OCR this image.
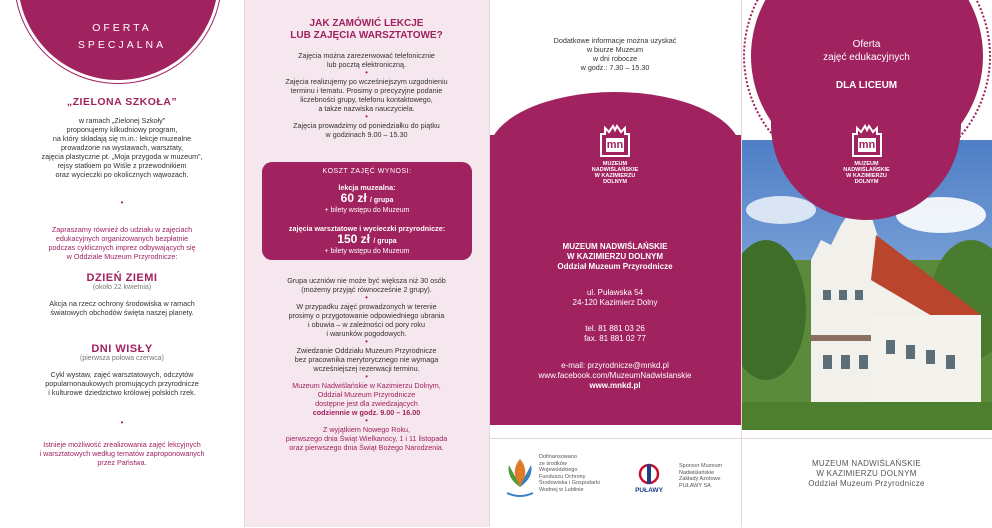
OFERTA
SPECJALNA
„ZIELONA SZKOŁA”
w ramach „Zielonej Szkoły”
proponujemy kilkudniowy program,
na który składają się m.in.: lekcje muzealne
prowadzone na wystawach, warsztaty,
zajęcia plastyczne pt. „Moja przygoda w muzeum”,
rejsy statkiem po Wiśle z przewodnikiem
oraz wycieczki po okolicznych wąwozach.
•
Zapraszamy również do udziału w zajęciach
edukacyjnych organizowanych bezpłatnie
podczas cyklicznych imprez odbywających się
w Oddziale Muzeum Przyrodnicze:
DZIEŃ ZIEMI
(około 22 kwietnia)
Akcja na rzecz ochrony środowiska w ramach
światowych obchodów święta naszej planety.
DNI WISŁY
(pierwsza połowa czerwca)
Cykl wystaw, zajęć warsztatowych, odczytów
popularnonaukowych promujących przyrodnicze
i kulturowe dziedzictwo królowej polskich rzek.
•
Istnieje możliwość zrealizowania zajęć lekcyjnych
i warsztatowych według tematów zaproponowanych
przez Państwa.
JAK ZAMÓWIĆ LEKCJE
LUB ZAJĘCIA WARSZTATOWE?
Zajęcia można zarezerwować telefonicznie
lub pocztą elektroniczną.
•
Zajęcia realizujemy po wcześniejszym uzgodnieniu
terminu i tematu. Prosimy o precyzyjne podanie
liczebności grupy, telefonu kontaktowego,
a także nazwiska nauczyciela.
•
Zajęcia prowadzimy od poniedziałku do piątku
w godzinach 9.00 – 15.30
KOSZT ZAJĘĆ WYNOSI:
lekcja muzealna:
60 zł / grupa
+ bilety wstępu do Muzeum
zajęcia warsztatowe i wycieczki przyrodnicze:
150 zł / grupa
+ bilety wstępu do Muzeum
Grupa uczniów nie może być większa niż 30 osób
(możemy przyjąć równocześnie 2 grupy).
•
W przypadku zajęć prowadzonych w terenie
prosimy o przygotowanie odpowiedniego ubrania
i obuwia – w zależności od pory roku
i warunków pogodowych.
•
Zwiedzanie Oddziału Muzeum Przyrodnicze
bez pracownika merytorycznego nie wymaga
wcześniejszej rezerwacji terminu.
•
Muzeum Nadwiślańskie w Kazimierzu Dolnym,
Oddział Muzeum Przyrodnicze
dostępne jest dla zwiedzających
codziennie w godz. 9.00 – 16.00
•
Z wyjątkiem Nowego Roku,
pierwszego dnia Świąt Wielkanocy, 1 i 11 listopada
oraz pierwszego dnia Świąt Bożego Narodzenia.
Dodatkowe informacje można uzyskać
w biurze Muzeum
w dni robocze
w godz.: 7.30 – 15.30
mn
MUZEUM
NADWIŚLAŃSKIE
W KAZIMIERZU
DOLNYM
MUZEUM NADWIŚLAŃSKIE
W KAZIMIERZU DOLNYM
Oddział Muzeum Przyrodnicze
ul. Puławska 54
24-120 Kazimierz Dolny
tel. 81 881 03 26
fax. 81 881 02 77
e-mail: przyrodnicze@mnkd.pl
www.facebook.com/MuzeumNadwislanskie
www.mnkd.pl
Dofinansowano
ze środków
Wojewódzkiego
Funduszu Ochrony
Środowiska i Gospodarki
Wodnej w Lublinie	PUŁAWY
Sponsor Muzeum
Nadwiślańskie
Zakłady Azotowe
PUŁAWY SA
Oferta
zajęć edukacyjnych
DLA LICEUM
mn
MUZEUM
NADWIŚLAŃSKIE
W KAZIMIERZU
DOLNYM
MUZEUM NADWIŚLAŃSKIE
W KAZIMIERZU DOLNYM
Oddział Muzeum Przyrodnicze
